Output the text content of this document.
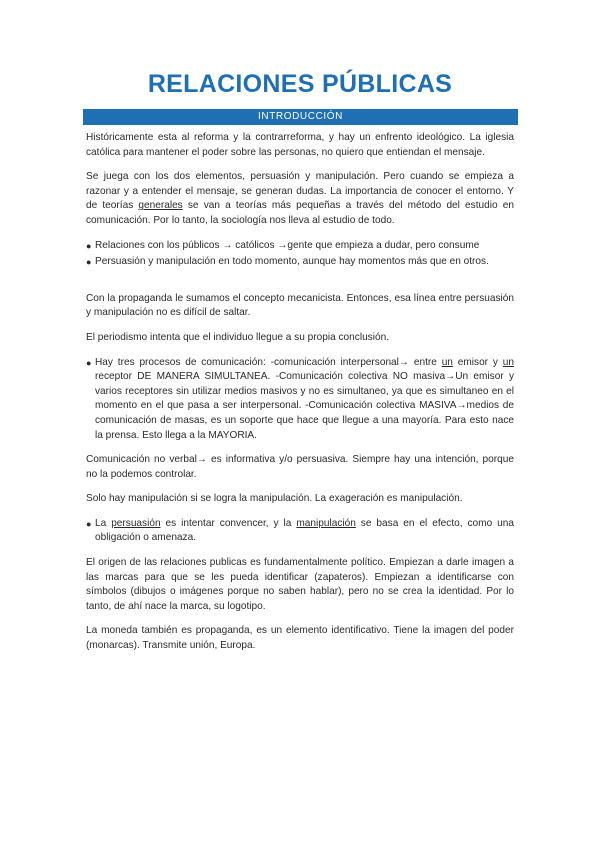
RELACIONES PÚBLICAS
INTRODUCCIÓN

Históricamente esta al reforma y la contrarreforma, y hay un enfrento ideológico. La iglesia católica para mantener el poder sobre las personas, no quiero que entiendan el mensaje.

Se juega con los dos elementos, persuasión y manipulación. Pero cuando se empieza a razonar y a entender el mensaje, se generan dudas. La importancia de conocer el entorno. Y de teorías generales se van a teorías más pequeñas a través del método del estudio en comunicación. Por lo tanto, la sociología nos lleva al estudio de todo.

● Relaciones con los públicos → católicos →gente que empieza a dudar, pero consume
● Persuasión y manipulación en todo momento, aunque hay momentos más que en otros.

Con la propaganda le sumamos el concepto mecanicista. Entonces, esa línea entre persuasión y manipulación no es difícil de saltar.

El periodismo intenta que el individuo llegue a su propia conclusión.

● Hay tres procesos de comunicación: -comunicación interpersonal→ entre un emisor y un receptor DE MANERA SIMULTANEA. -Comunicación colectiva NO masiva→Un emisor y varios receptores sin utilizar medios masivos y no es simultaneo, ya que es simultaneo en el momento en el que pasa a ser interpersonal. -Comunicación colectiva MASIVA→medios de comunicación de masas, es un soporte que hace que llegue a una mayoría. Para esto nace la prensa. Esto llega a la MAYORIA.

Comunicación no verbal→ es informativa y/o persuasiva. Siempre hay una intención, porque no la podemos controlar.

Solo hay manipulación si se logra la manipulación. La exageración es manipulación.

● La persuasión es intentar convencer, y la manipulación se basa en el efecto, como una obligación o amenaza.

El origen de las relaciones publicas es fundamentalmente político. Empiezan a darle imagen a las marcas para que se les pueda identificar (zapateros). Empiezan a identificarse con símbolos (dibujos o imágenes porque no saben hablar), pero no se crea la identidad. Por lo tanto, de ahí nace la marca, su logotipo.

La moneda también es propaganda, es un elemento identificativo. Tiene la imagen del poder (monarcas). Transmite unión, Europa.
